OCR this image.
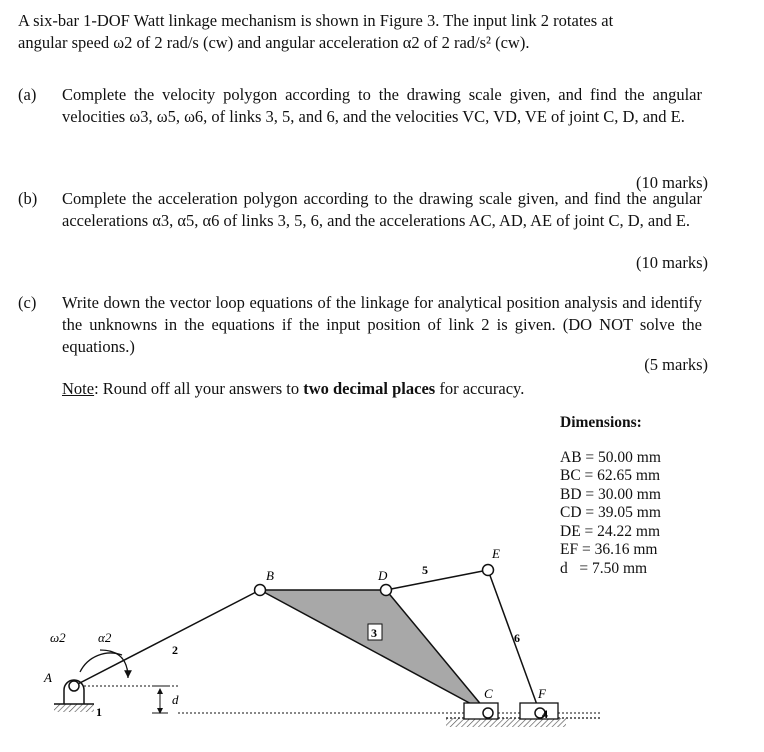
A six-bar 1-DOF Watt linkage mechanism is shown in Figure 3. The input link 2 rotates at
angular speed ω2 of 2 rad/s (cw) and angular acceleration α2 of 2 rad/s² (cw).
(a) Complete the velocity polygon according to the drawing scale given, and find the angular velocities ω3, ω5, ω6, of links 3, 5, and 6, and the velocities VC, VD, VE of joint C, D, and E.
(10 marks)
(b) Complete the acceleration polygon according to the drawing scale given, and find the angular accelerations α3, α5, α6 of links 3, 5, 6, and the accelerations AC, AD, AE of joint C, D, and E.
(10 marks)
(c) Write down the vector loop equations of the linkage for analytical position analysis and identify the unknowns in the equations if the input position of link 2 is given. (DO NOT solve the equations.)
(5 marks)
Note: Round off all your answers to two decimal places for accuracy.
Dimensions:
AB = 50.00 mm
BC = 62.65 mm
BD = 30.00 mm
CD = 39.05 mm
DE = 24.22 mm
EF = 36.16 mm
d   = 7.50 mm
d
ω2 α2
A
B
C
D
E
F
1
2
3
4
5
6
